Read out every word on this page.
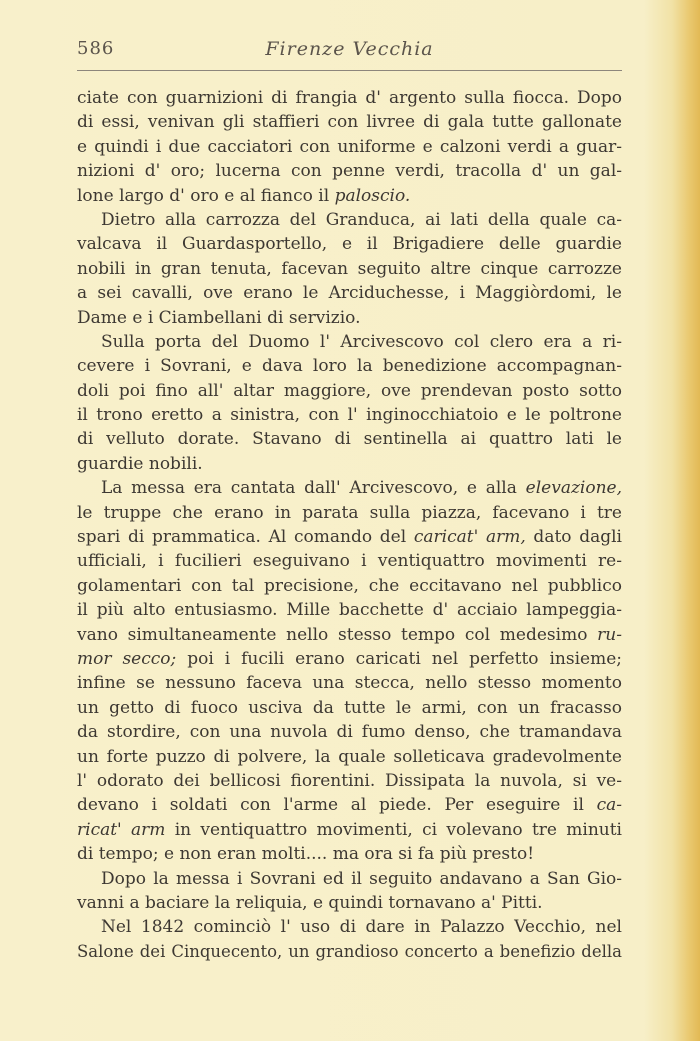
586	Firenze Vecchia
ciate con guarnizioni di frangia d' argento sulla fiocca. Dopo
di essi, venivan gli staffieri con livree di gala tutte gallonate
e quindi i due cacciatori con uniforme e calzoni verdi a guar-
nizioni d' oro; lucerna con penne verdi, tracolla d' un gal-
lone largo d' oro e al fianco il paloscio.
Dietro alla carrozza del Granduca, ai lati della quale ca-
valcava il Guardasportello, e il Brigadiere delle guardie
nobili in gran tenuta, facevan seguito altre cinque carrozze
a sei cavalli, ove erano le Arciduchesse, i Maggiòrdomi, le
Dame e i Ciambellani di servizio.
Sulla porta del Duomo l' Arcivescovo col clero era a ri-
cevere i Sovrani, e dava loro la benedizione accompagnan-
doli poi fino all' altar maggiore, ove prendevan posto sotto
il trono eretto a sinistra, con l' inginocchiatoio e le poltrone
di velluto dorate. Stavano di sentinella ai quattro lati le
guardie nobili.
La messa era cantata dall' Arcivescovo, e alla elevazione,
le truppe che erano in parata sulla piazza, facevano i tre
spari di prammatica. Al comando del caricat' arm, dato dagli
ufficiali, i fucilieri eseguivano i ventiquattro movimenti re-
golamentari con tal precisione, che eccitavano nel pubblico
il più alto entusiasmo. Mille bacchette d' acciaio lampeggia-
vano simultaneamente nello stesso tempo col medesimo ru-
mor secco; poi i fucili erano caricati nel perfetto insieme;
infine se nessuno faceva una stecca, nello stesso momento
un getto di fuoco usciva da tutte le armi, con un fracasso
da stordire, con una nuvola di fumo denso, che tramandava
un forte puzzo di polvere, la quale solleticava gradevolmente
l' odorato dei bellicosi fiorentini. Dissipata la nuvola, si ve-
devano i soldati con l'arme al piede. Per eseguire il ca-
ricat' arm in ventiquattro movimenti, ci volevano tre minuti
di tempo; e non eran molti.... ma ora si fa più presto!
Dopo la messa i Sovrani ed il seguito andavano a San Gio-
vanni a baciare la reliquia, e quindi tornavano a' Pitti.
Nel 1842 cominciò l' uso di dare in Palazzo Vecchio, nel
Salone dei Cinquecento, un grandioso concerto a benefizio della
